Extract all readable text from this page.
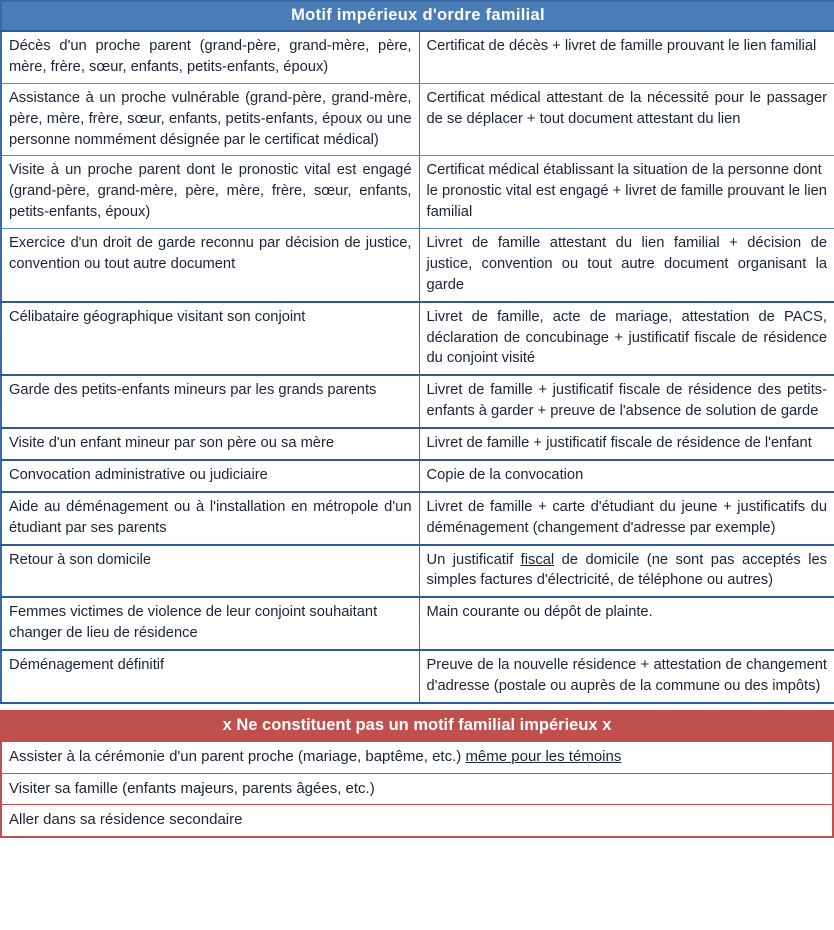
Motif impérieux d'ordre familial	
Décès d'un proche parent (grand-père, grand-mère, père, mère, frère, sœur, enfants, petits-enfants, époux)	Certificat de décès + livret de famille prouvant le lien familial
Assistance à un proche vulnérable (grand-père, grand-mère, père, mère, frère, sœur, enfants, petits-enfants, époux ou une personne nommément désignée par le certificat médical)	Certificat médical attestant de la nécessité pour le passager de se déplacer + tout document attestant du lien
Visite à un proche parent dont le pronostic vital est engagé (grand-père, grand-mère, père, mère, frère, sœur, enfants, petits-enfants, époux)	Certificat médical établissant la situation de la personne dont le pronostic vital est engagé + livret de famille prouvant le lien familial
Exercice d'un droit de garde reconnu par décision de justice, convention ou tout autre document	Livret de famille attestant du lien familial + décision de justice, convention ou tout autre document organisant la garde
Célibataire géographique visitant son conjoint	Livret de famille, acte de mariage, attestation de PACS, déclaration de concubinage + justificatif fiscale de résidence du conjoint visité
Garde des petits-enfants mineurs par les grands parents	Livret de famille + justificatif fiscale de résidence des petits-enfants à garder + preuve de l'absence de solution de garde
Visite d'un enfant mineur par son père ou sa mère	Livret de famille + justificatif fiscale de résidence de l'enfant
Convocation administrative ou judiciaire	Copie de la convocation
Aide au déménagement ou à l'installation en métropole d'un étudiant par ses parents	Livret de famille + carte d'étudiant du jeune + justificatifs du déménagement (changement d'adresse par exemple)
Retour à son domicile	Un justificatif fiscal de domicile (ne sont pas acceptés les simples factures d'électricité, de téléphone ou autres)
Femmes victimes de violence de leur conjoint souhaitant changer de lieu de résidence	Main courante ou dépôt de plainte.
Déménagement définitif	Preuve de la nouvelle résidence + attestation de changement d'adresse (postale ou auprès de la commune ou des impôts)
x Ne constituent pas un motif familial impérieux x
Assister à la cérémonie d'un parent proche (mariage, baptême, etc.) même pour les témoins
Visiter sa famille (enfants majeurs, parents âgées, etc.)
Aller dans sa résidence secondaire
